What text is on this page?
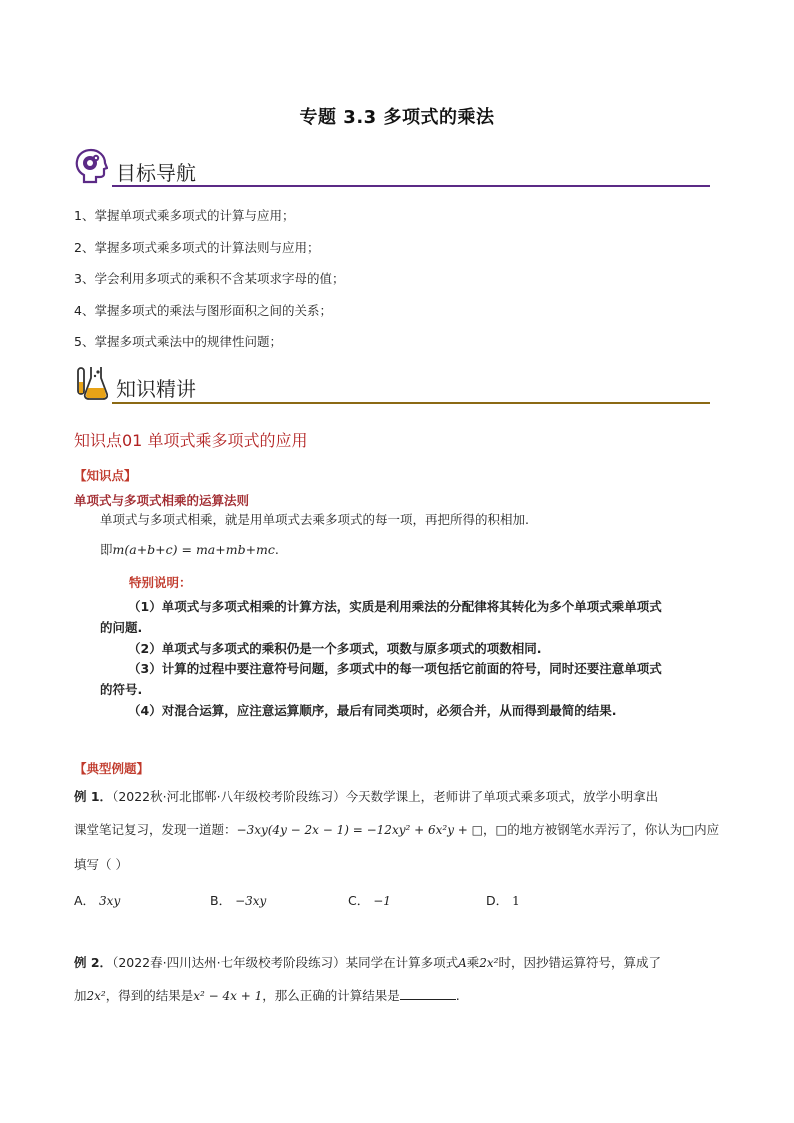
专题 3.3 多项式的乘法
目标导航
1、掌握单项式乘多项式的计算与应用；
2、掌握多项式乘多项式的计算法则与应用；
3、学会利用多项式的乘积不含某项求字母的值；
4、掌握多项式的乘法与图形面积之间的关系；
5、掌握多项式乘法中的规律性问题；
知识精讲
知识点01 单项式乘多项式的应用
【知识点】
单项式与多项式相乘的运算法则
单项式与多项式相乘，就是用单项式去乘多项式的每一项，再把所得的积相加.
即m(a+b+c) = ma+mb+mc.
特别说明：
（1）单项式与多项式相乘的计算方法，实质是利用乘法的分配律将其转化为多个单项式乘单项式
的问题.
（2）单项式与多项式的乘积仍是一个多项式，项数与原多项式的项数相同.
（3）计算的过程中要注意符号问题，多项式中的每一项包括它前面的符号，同时还要注意单项式
的符号.
（4）对混合运算，应注意运算顺序，最后有同类项时，必须合并，从而得到最简的结果.
【典型例题】
例 1．（2022秋·河北邯郸·八年级校考阶段练习）今天数学课上，老师讲了单项式乘多项式，放学小明拿出
课堂笔记复习，发现一道题：−3xy(4y − 2x − 1) = −12xy² + 6x²y + □，□的地方被钢笔水弄污了，你认为□内应
填写（ ）
A． 3xy	B． −3xy	C． −1	D． 1
例 2．（2022春·四川达州·七年级校考阶段练习）某同学在计算多项式A乘2x²时，因抄错运算符号，算成了
加2x²，得到的结果是x² − 4x + 1，那么正确的计算结果是	.
